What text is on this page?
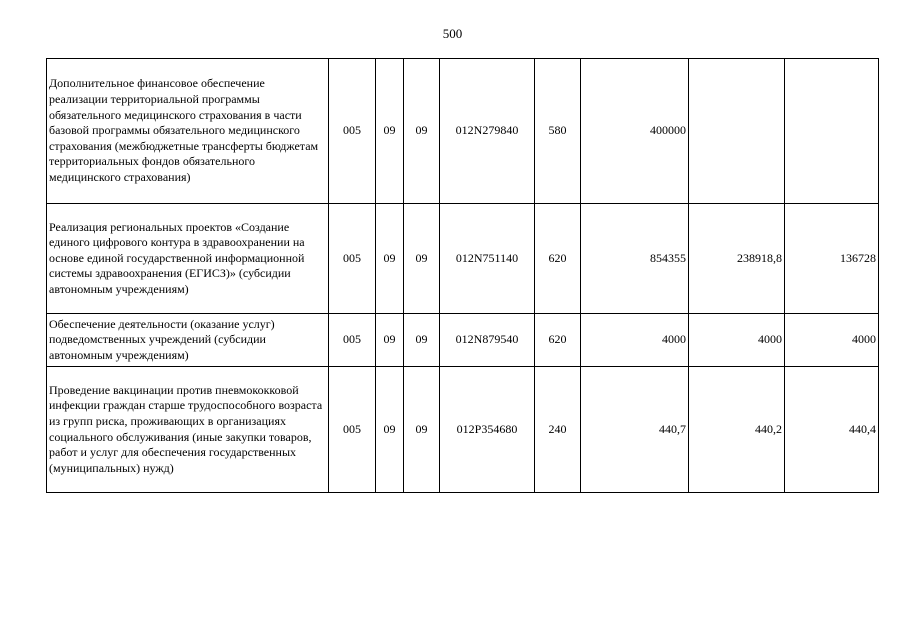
500
Дополнительное финансовое обеспечение реализации территориальной программы обязательного медицинского страхования в части базовой программы обязательного медицинского страхования (межбюджетные трансферты бюджетам территориальных фондов обязательного медицинского страхования)	005	09	09	012N279840	580	400000		
Реализация региональных проектов «Создание единого цифрового контура в здравоохранении на основе единой государственной информационной системы здравоохранения (ЕГИСЗ)» (субсидии автономным учреждениям)	005	09	09	012N751140	620	854355	238918,8	136728
Обеспечение деятельности (оказание услуг) подведомственных учреждений (субсидии автономным учреждениям)	005	09	09	012N879540	620	4000	4000	4000
Проведение вакцинации против пневмококковой инфекции граждан старше трудоспособного возраста из групп риска, проживающих в организациях социального обслуживания (иные закупки товаров, работ и услуг для обеспечения государственных (муниципальных) нужд)	005	09	09	012P354680	240	440,7	440,2	440,4
